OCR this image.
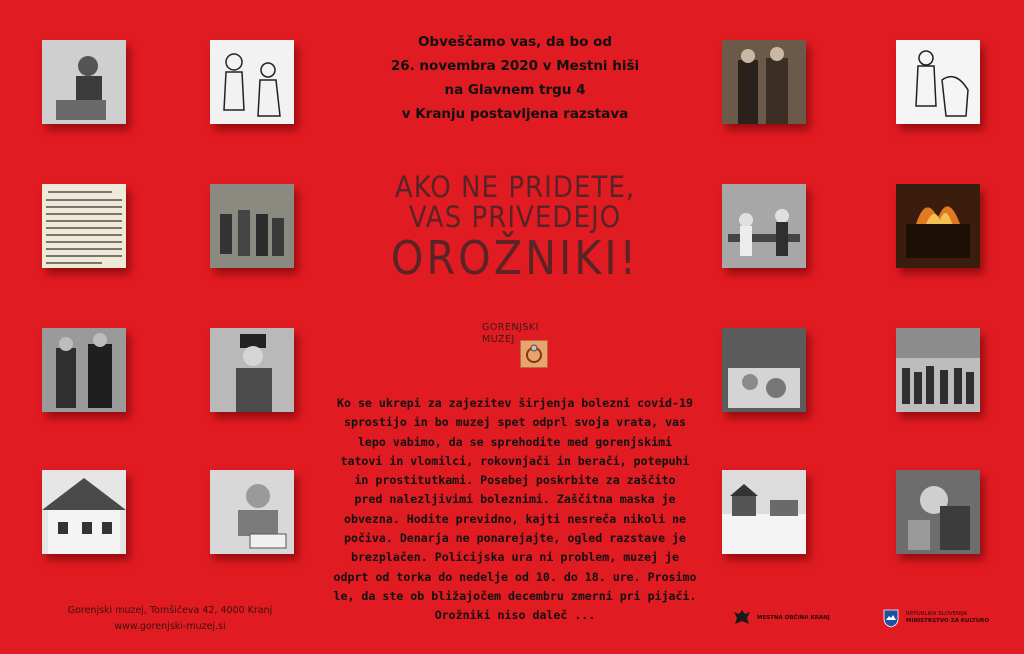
Obveščamo vas, da bo od
26. novembra 2020 v Mestni hiši
na Glavnem trgu 4
v Kranju postavljena razstava
AKO NE PRIDETE,
VAS PRIVEDEJO
OROŽNIKI!
GORENJSKI
MUZEJ
Ko se ukrepi za zajezitev širjenja bolezni covid-19
sprostijo in bo muzej spet odprl svoja vrata, vas
lepo vabimo, da se sprehodite med gorenjskimi
tatovi in vlomilci, rokovnjači in berači, potepuhi
in prostitutkami. Posebej poskrbite za zaščito
pred nalezljivimi boleznimi. Zaščitna maska je
obvezna. Hodite previdno, kajti nesreča nikoli ne
počiva. Denarja ne ponarejajte, ogled razstave je
brezplačen. Policijska ura ni problem, muzej je
odprt od torka do nedelje od 10. do 18. ure. Prosimo
le, da ste ob bližajočem decembru zmerni pri pijači.
Orožniki niso daleč ...
Gorenjski muzej, Tomšičeva 42, 4000 Kranj
www.gorenjski-muzej.si
MESTNA OBČINA KRANJ
REPUBLIKA SLOVENIJA
MINISTRSTVO ZA KULTURO
